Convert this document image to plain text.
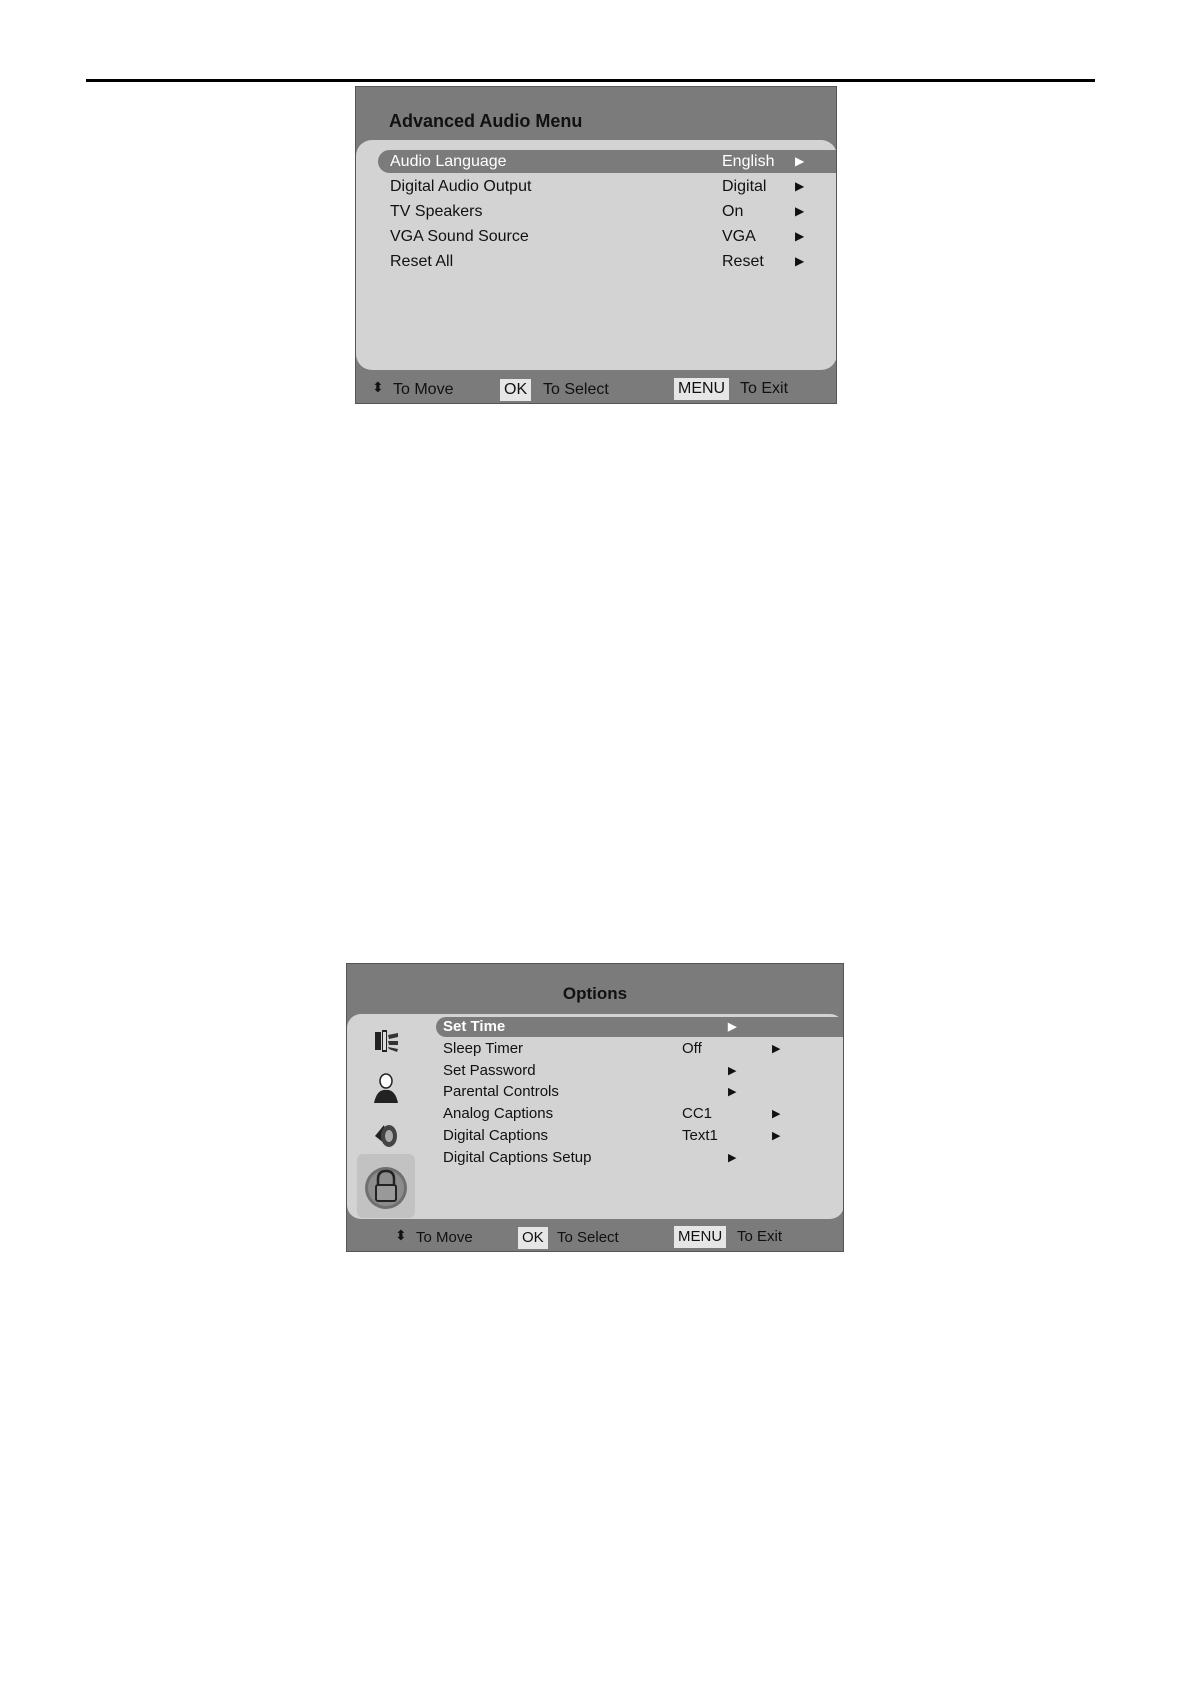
Advanced Audio Menu
Audio Language	English ▶
Digital Audio Output	Digital ▶
TV Speakers	On	▶
VGA Sound Source	VGA	▶
Reset All	Reset	▶
⬍ To Move	OK To Select	MENU To Exit
Options
Set Time	▶
Sleep Timer	Off	▶
Set Password	▶
Parental Controls	▶
Analog Captions	CC1	▶
Digital Captions	Text1	▶
Digital Captions Setup	▶
⬍ To Move	OK To Select	MENU To Exit
